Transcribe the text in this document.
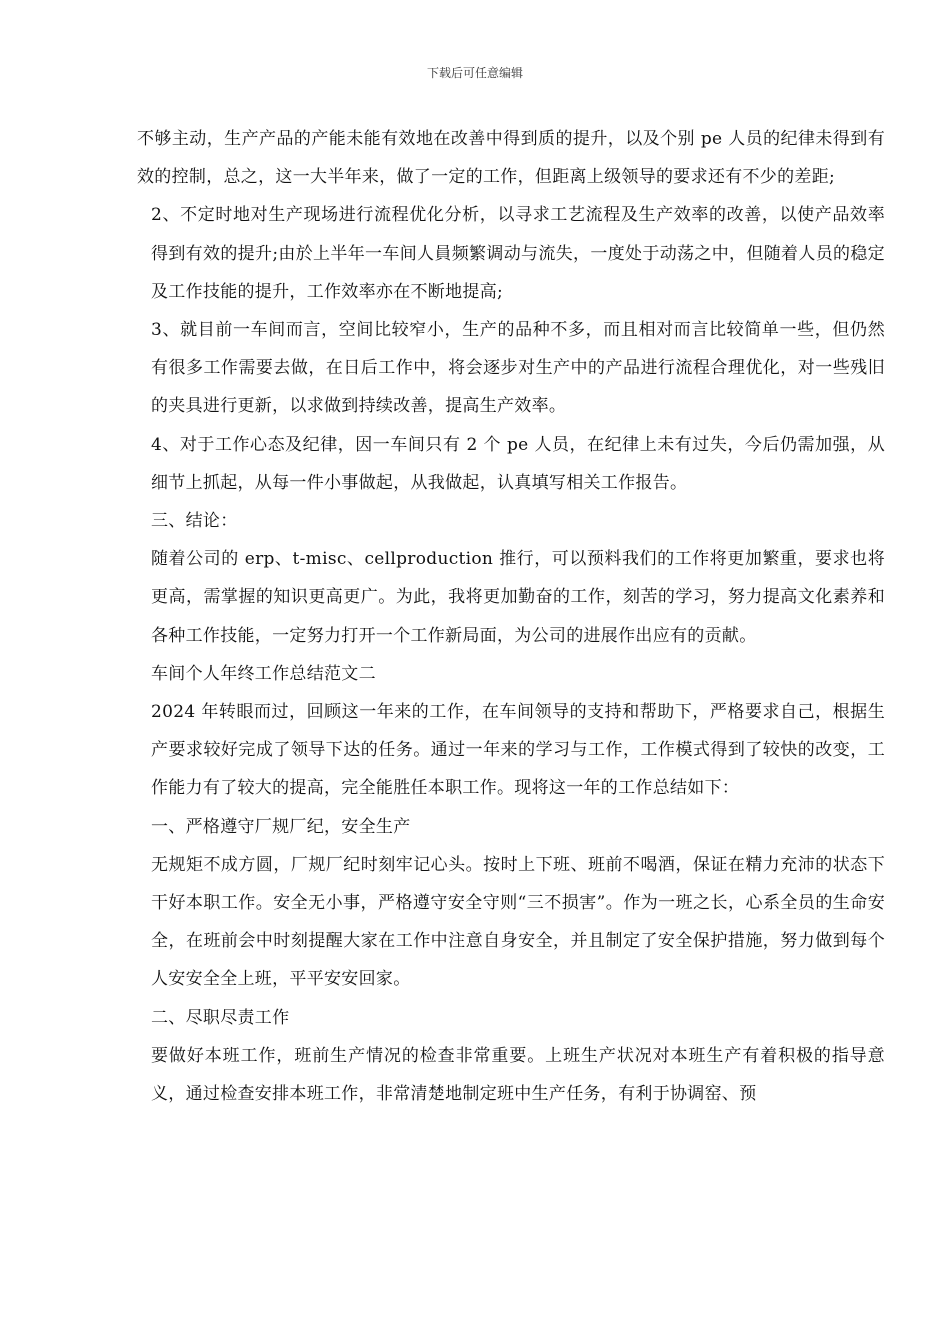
下载后可任意编辑

不够主动，生产产品的产能未能有效地在改善中得到质的提升，以及个别 pe 人员的纪律未得到有效的控制，总之，这一大半年来，做了一定的工作，但距离上级领导的要求还有不少的差距;

2、不定时地对生产现场进行流程优化分析，以寻求工艺流程及生产效率的改善，以使产品效率得到有效的提升;由於上半年一车间人員频繁调动与流失，一度处于动荡之中，但随着人员的稳定及工作技能的提升，工作效率亦在不断地提高;

3、就目前一车间而言，空间比较窄小，生产的品种不多，而且相对而言比较简单一些，但仍然有很多工作需要去做，在日后工作中，将会逐步对生产中的产品进行流程合理优化，对一些残旧的夹具进行更新，以求做到持续改善，提高生产效率。

4、对于工作心态及纪律，因一车间只有 2 个 pe 人员，在纪律上未有过失，今后仍需加强，从细节上抓起，从每一件小事做起，从我做起，认真填写相关工作报告。

三、结论：

随着公司的 erp、t-misc、cellproduction 推行，可以预料我们的工作将更加繁重，要求也将更高，需掌握的知识更高更广。为此，我将更加勤奋的工作，刻苦的学习，努力提高文化素养和各种工作技能，一定努力打开一个工作新局面，为公司的进展作出应有的贡献。

车间个人年终工作总结范文二

2024 年转眼而过，回顾这一年来的工作，在车间领导的支持和帮助下，严格要求自己，根据生产要求较好完成了领导下达的任务。通过一年来的学习与工作，工作模式得到了较快的改变，工作能力有了较大的提高，完全能胜任本职工作。现将这一年的工作总结如下：

一、严格遵守厂规厂纪，安全生产

无规矩不成方圆，厂规厂纪时刻牢记心头。按时上下班、班前不喝酒，保证在精力充沛的状态下干好本职工作。安全无小事，严格遵守安全守则“三不损害”。作为一班之长，心系全员的生命安全，在班前会中时刻提醒大家在工作中注意自身安全，并且制定了安全保护措施，努力做到每个人安安全全上班，平平安安回家。

二、尽职尽责工作

要做好本班工作，班前生产情况的检查非常重要。上班生产状况对本班生产有着积极的指导意义，通过检查安排本班工作，非常清楚地制定班中生产任务，有利于协调窑、预
